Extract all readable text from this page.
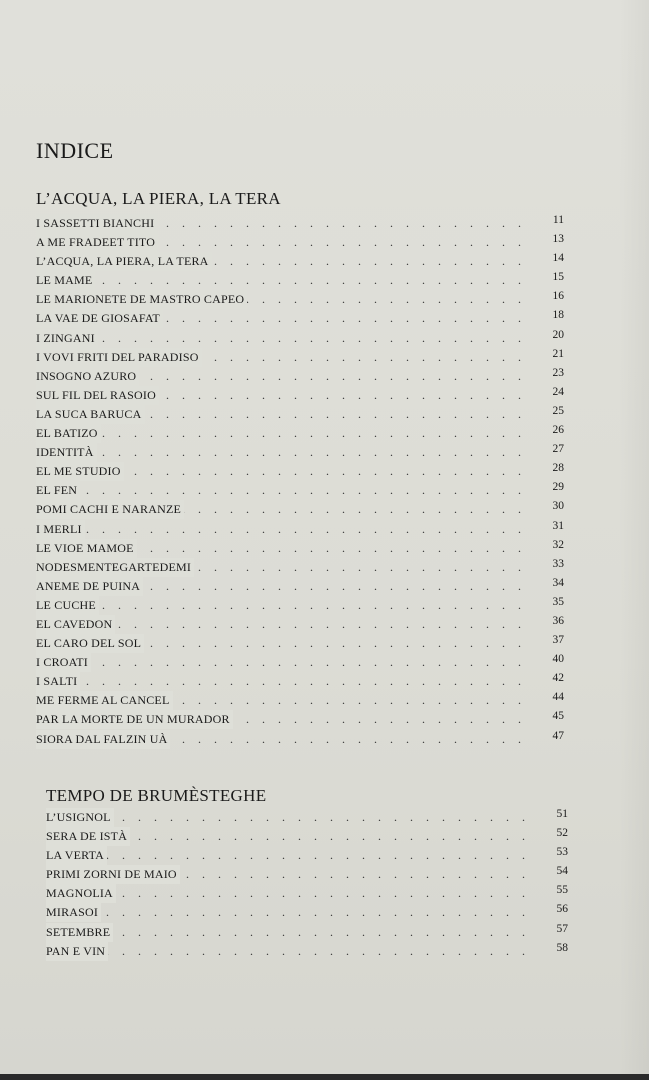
INDICE
L’ACQUA, LA PIERA, LA TERA
. . .
I SASSETTI BIANCHI	11
. . .
A ME FRADEET TITO	13
. . .
L’ACQUA, LA PIERA, LA TERA	14
. . .
LE MAME	15
. . .
LE MARIONETE DE MASTRO CAPEO	16
. . .
LA VAE DE GIOSAFAT	18
. . .
I ZINGANI	20
. . .
I VOVI FRITI DEL PARADISO	21
. . .
INSOGNO AZURO	23
. . .
SUL FIL DEL RASOIO	24
. . .
LA SUCA BARUCA	25
. . .
EL BATIZO	26
. . .
IDENTITÀ	27
. . .
EL ME STUDIO	28
. . .
EL FEN	29
. . .
POMI CACHI E NARANZE	30
. . .
I MERLI	31
. . .
LE VIOE MAMOE	32
. . .
NODESMENTEGARTEDEMI	33
. . .
ANEME DE PUINA	34
. . .
LE CUCHE	35
. . .
EL CAVEDON	36
. . .
EL CARO DEL SOL	37
. . .
I CROATI	40
. . .
I SALTI	42
. . .
ME FERME AL CANCEL	44
. . .
PAR LA MORTE DE UN MURADOR	45
. . .
SIORA DAL FALZIN UÀ	47
TEMPO DE BRUMÈSTEGHE
. . .
L’USIGNOL	51
. . .
SERA DE ISTÀ	52
. . .
LA VERTA	53
. . .
PRIMI ZORNI DE MAIO	54
. . .
MAGNOLIA	55
. . .
MIRASOI	56
. . .
SETEMBRE	57
. . .
PAN E VIN	58
